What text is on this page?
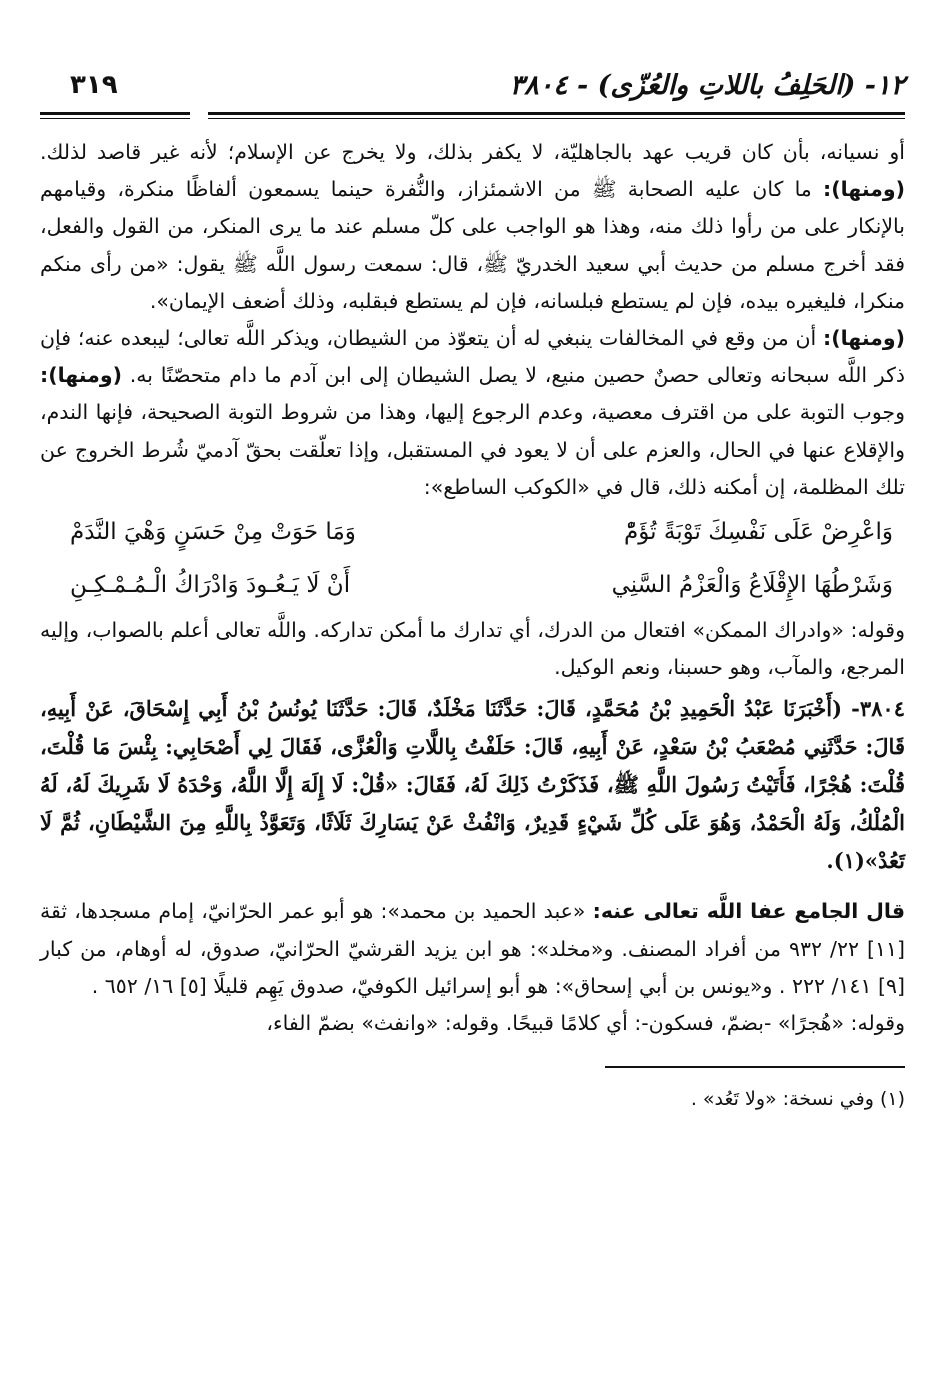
١٢- (الحَلِفُ باللاتِ والعُزّى) - ٣٨٠٤
٣١٩

أو نسيانه، بأن كان قريب عهد بالجاهليّة، لا يكفر بذلك، ولا يخرج عن الإسلام؛ لأنه غير قاصد لذلك. (ومنها): ما كان عليه الصحابة ﷺ من الاشمئزاز، والنُّفرة حينما يسمعون ألفاظًا منكرة، وقيامهم بالإنكار على من رأوا ذلك منه، وهذا هو الواجب على كلّ مسلم عند ما يرى المنكر، من القول والفعل، فقد أخرج مسلم من حديث أبي سعيد الخدريّ ﷺ، قال: سمعت رسول اللَّه ﷺ يقول: «من رأى منكم منكرا، فليغيره بيده، فإن لم يستطع فبلسانه، فإن لم يستطع فبقلبه، وذلك أضعف الإيمان».

(ومنها): أن من وقع في المخالفات ينبغي له أن يتعوّذ من الشيطان، ويذكر اللَّه تعالى؛ ليبعده عنه؛ فإن ذكر اللَّه سبحانه وتعالى حصنٌ حصين منيع، لا يصل الشيطان إلى ابن آدم ما دام متحصّنًا به. (ومنها): وجوب التوبة على من اقترف معصية، وعدم الرجوع إليها، وهذا من شروط التوبة الصحيحة، فإنها الندم، والإقلاع عنها في الحال، والعزم على أن لا يعود في المستقبل، وإذا تعلّقت بحقّ آدميّ شُرط الخروج عن تلك المظلمة، إن أمكنه ذلك، قال في «الكوكب الساطع»:

وَاعْرِضْ عَلَى نَفْسِكَ تَوْبَةً تُؤَمّْ
وَمَا حَوَتْ مِنْ حَسَنٍ وَهْيَ النَّدَمْ
وَشَرْطُهَا الإِقْلَاعُ وَالْعَزْمُ السَّنِي
أَنْ لَا يَـعُـودَ وَادْرَاكُ الْـمُـمْـكِـنِ

وقوله: «وادراك الممكن» افتعال من الدرك، أي تدارك ما أمكن تداركه. واللَّه تعالى أعلم بالصواب، وإليه المرجع، والمآب، وهو حسبنا، ونعم الوكيل.

٣٨٠٤- (أَخْبَرَنَا عَبْدُ الْحَمِيدِ بْنُ مُحَمَّدٍ، قَالَ: حَدَّثَنَا مَخْلَدٌ، قَالَ: حَدَّثَنَا يُونُسُ بْنُ أَبِي إِسْحَاقَ، عَنْ أَبِيهِ، قَالَ: حَدَّثَنِي مُصْعَبُ بْنُ سَعْدٍ، عَنْ أَبِيهِ، قَالَ: حَلَفْتُ بِاللَّاتِ وَالْعُزَّى، فَقَالَ لِي أَصْحَابِي: بِئْسَ مَا قُلْتَ، قُلْتَ: هُجْرًا، فَأَتَيْتُ رَسُولَ اللَّهِ ﷺ، فَذَكَرْتُ ذَلِكَ لَهُ، فَقَالَ: «قُلْ: لَا إِلَهَ إِلَّا اللَّهُ، وَحْدَهُ لَا شَرِيكَ لَهُ، لَهُ الْمُلْكُ، وَلَهُ الْحَمْدُ، وَهُوَ عَلَى كُلِّ شَيْءٍ قَدِيرٌ، وَانْفُثْ عَنْ يَسَارِكَ ثَلَاثًا، وَتَعَوَّذْ بِاللَّهِ مِنَ الشَّيْطَانِ، ثُمَّ لَا تَعُدْ»(١).

قال الجامع عفا اللَّه تعالى عنه: «عبد الحميد بن محمد»: هو أبو عمر الحرّانيّ، إمام مسجدها، ثقة [١١] ٢٢/ ٩٣٢ من أفراد المصنف. و«مخلد»: هو ابن يزيد القرشيّ الحرّانيّ، صدوق، له أوهام، من كبار [٩] ١٤١/ ٢٢٢ . و«يونس بن أبي إسحاق»: هو أبو إسرائيل الكوفيّ، صدوق يَهِم قليلًا [٥] ١٦/ ٦٥٢ .

وقوله: «هُجرًا» -بضمّ، فسكون-: أي كلامًا قبيحًا. وقوله: «وانفث» بضمّ الفاء،

(١) وفي نسخة: «ولا تَعُد» .
